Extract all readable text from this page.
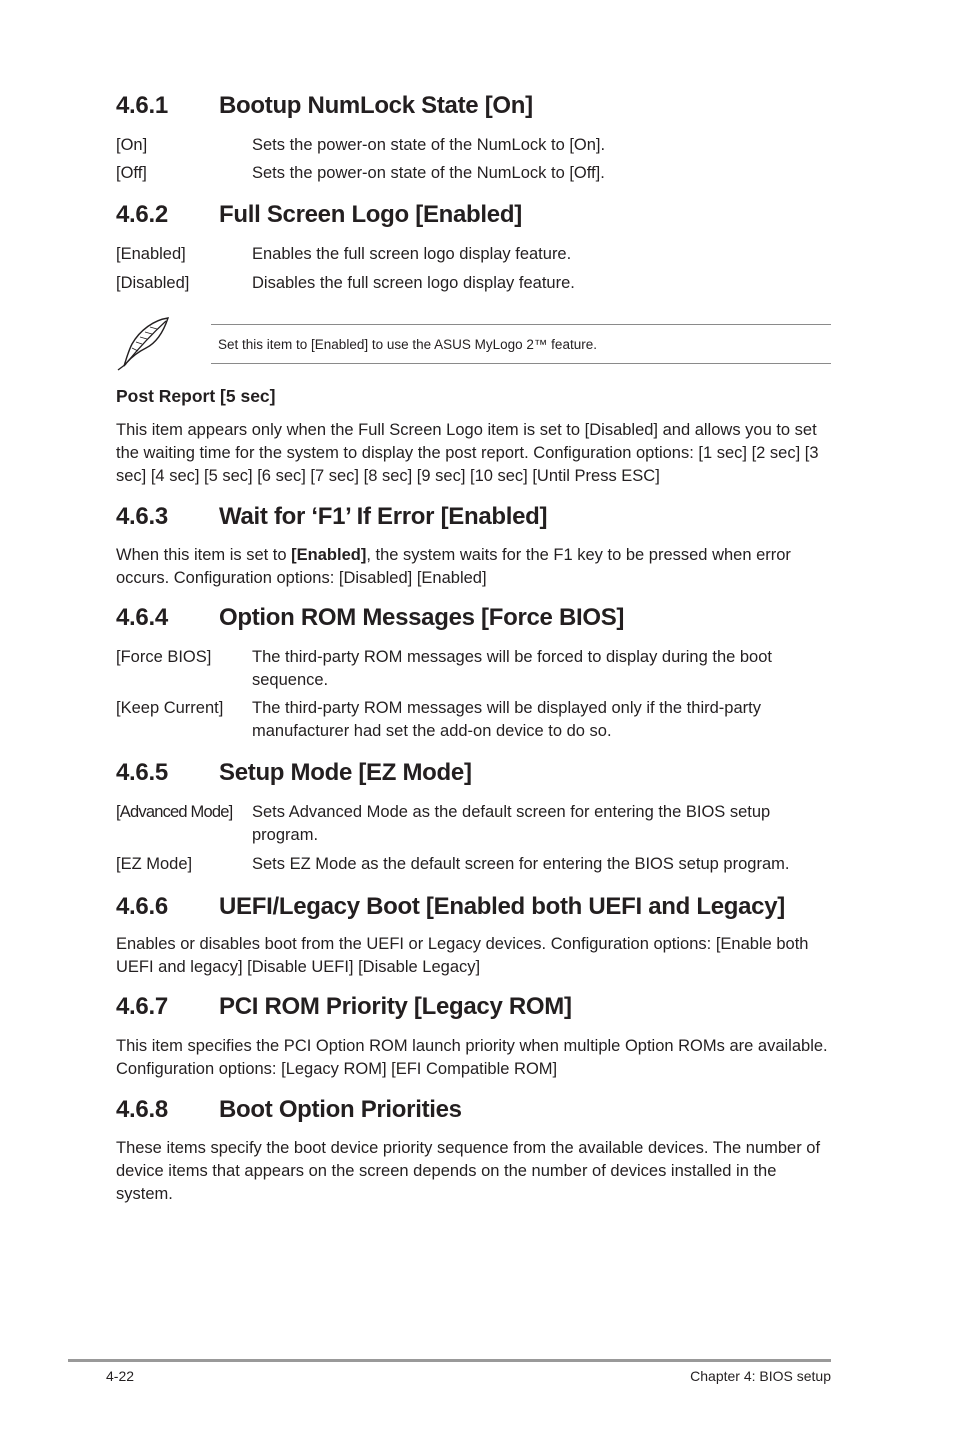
4.6.1 Bootup NumLock State [On]
[On]	Sets the power-on state of the NumLock to [On].
[Off]	Sets the power-on state of the NumLock to [Off].
4.6.2 Full Screen Logo [Enabled]
[Enabled]	Enables the full screen logo display feature.
[Disabled]	Disables the full screen logo display feature.
Set this item to [Enabled] to use the ASUS MyLogo 2™ feature.
Post Report [5 sec]
This item appears only when the Full Screen Logo item is set to [Disabled] and allows you to set the waiting time for the system to display the post report. Configuration options: [1 sec] [2 sec] [3 sec] [4 sec] [5 sec] [6 sec] [7 sec] [8 sec] [9 sec] [10 sec] [Until Press ESC]
4.6.3 Wait for ‘F1’ If Error [Enabled]
When this item is set to [Enabled], the system waits for the F1 key to be pressed when error occurs. Configuration options: [Disabled] [Enabled]
4.6.4 Option ROM Messages [Force BIOS]
[Force BIOS] The third-party ROM messages will be forced to display during the boot sequence.
[Keep Current] The third-party ROM messages will be displayed only if the third-party manufacturer had set the add-on device to do so.
4.6.5 Setup Mode [EZ Mode]
[Advanced Mode] Sets Advanced Mode as the default screen for entering the BIOS setup program.
[EZ Mode]	Sets EZ Mode as the default screen for entering the BIOS setup program.
4.6.6 UEFI/Legacy Boot [Enabled both UEFI and Legacy]
Enables or disables boot from the UEFI or Legacy devices. Configuration options: [Enable both UEFI and legacy] [Disable UEFI] [Disable Legacy]
4.6.7 PCI ROM Priority [Legacy ROM]
This item specifies the PCI Option ROM launch priority when multiple Option ROMs are available. Configuration options: [Legacy ROM] [EFI Compatible ROM]
4.6.8 Boot Option Priorities
These items specify the boot device priority sequence from the available devices. The number of device items that appears on the screen depends on the number of devices installed in the system.
4-22	Chapter 4: BIOS setup
